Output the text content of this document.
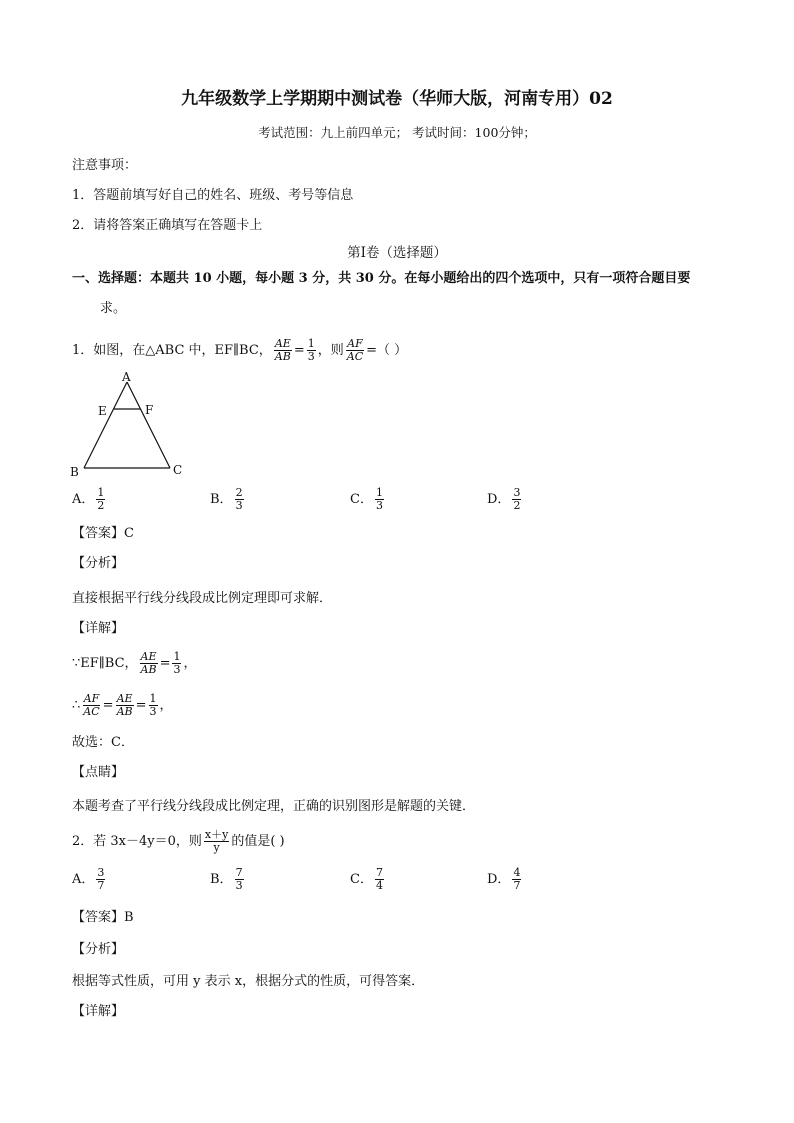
九年级数学上学期期中测试卷（华师大版，河南专用）02
考试范围：九上前四单元； 考试时间：100分钟；
注意事项：
1．答题前填写好自己的姓名、班级、考号等信息
2．请将答案正确填写在答题卡上
第I卷（选择题）
一、选择题：本题共 10 小题，每小题 3 分，共 30 分。在每小题给出的四个选项中，只有一项符合题目要
求。
1．如图，在△ABC 中，EF∥BC， $\frac{AE}{AB} = \frac{1}{3}$ ，则 $\frac{AF}{AC}$ =（ ）
A
E	F
B	C
A． $\frac{1}{2}$	B． $\frac{2}{3}$	C． $\frac{1}{3}$	D． $\frac{3}{2}$
【答案】C
【分析】
直接根据平行线分线段成比例定理即可求解．
【详解】
∵EF∥BC， $\frac{AE}{AB} = \frac{1}{3}$ ，
∴ $\frac{AF}{AC} = \frac{AE}{AB} = \frac{1}{3}$ ，
故选：C．
【点睛】
本题考查了平行线分线段成比例定理，正确的识别图形是解题的关键．
2．若 3x－4y＝0，则 $\frac{x+y}{y}$ 的值是( )
A． $\frac{3}{7}$	B． $\frac{7}{3}$	C． $\frac{7}{4}$	D． $\frac{4}{7}$
【答案】B
【分析】
根据等式性质，可用 y 表示 x，根据分式的性质，可得答案．
【详解】
